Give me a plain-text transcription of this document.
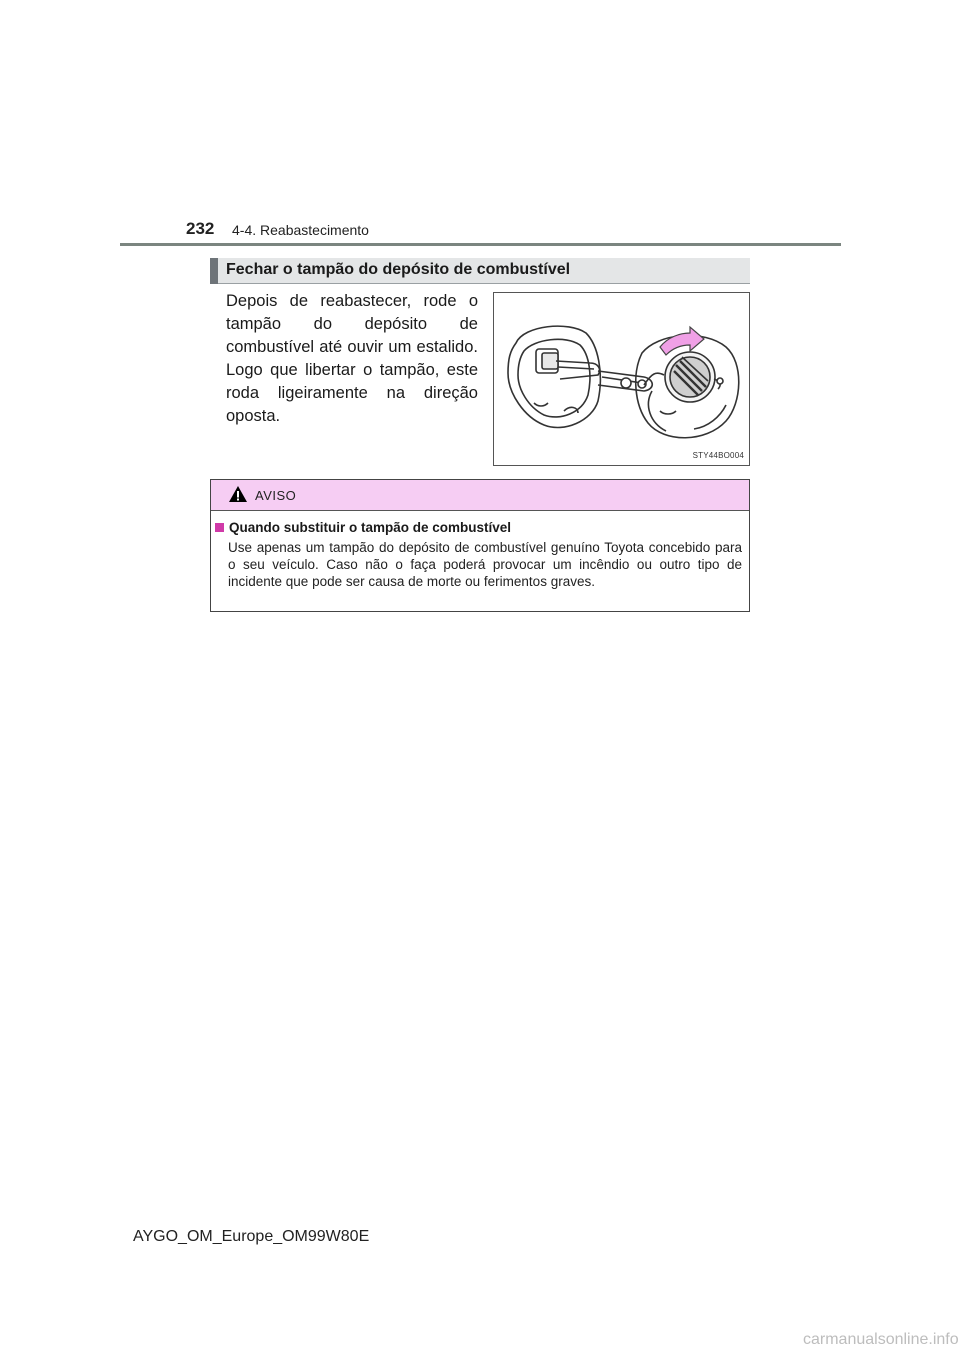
232 4-4. Reabastecimento
Fechar o tampão do depósito de combustível
Depois de reabastecer, rode o tampão do depósito de combustível até ouvir um estalido. Logo que libertar o tampão, este roda ligeiramente na direção oposta.
STY44BO004
AVISO
Quando substituir o tampão de combustível
Use apenas um tampão do depósito de combustível genuíno Toyota concebido para o seu veículo. Caso não o faça poderá provocar um incêndio ou outro tipo de incidente que pode ser causa de morte ou ferimentos graves.
AYGO_OM_Europe_OM99W80E
carmanualsonline.info
